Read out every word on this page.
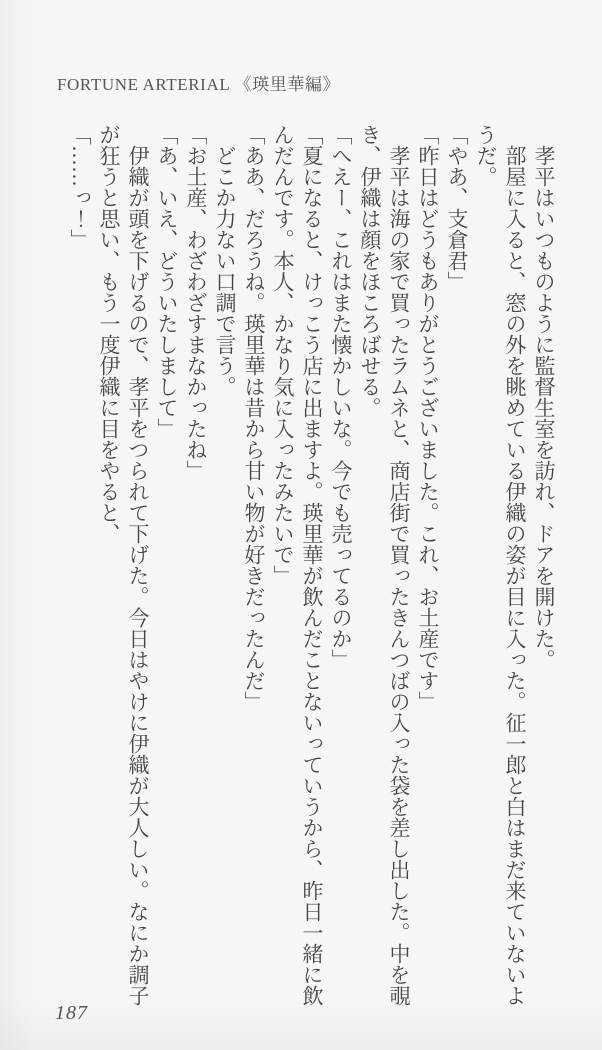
FORTUNE ARTERIAL 《瑛里華編》

　孝平はいつものように監督生室を訪れ、ドアを開けた。

　部屋に入ると、窓の外を眺めている伊織の姿が目に入った。征一郎と白はまだ来ていないようだ。

「やあ、支倉君」

「昨日はどうもありがとうございました。これ、お土産です」

　孝平は海の家で買ったラムネと、商店街で買ったきんつばの入った袋を差し出した。中を覗き、伊織は顔をほころばせる。

「へえー、これはまた懐かしいな。今でも売ってるのか」

「夏になると、けっこう店に出ますよ。瑛里華が飲んだことないっていうから、昨日一緒に飲んだんです。本人、かなり気に入ったみたいで」

「ああ、だろうね。瑛里華は昔から甘い物が好きだったんだ」

　どこか力ない口調で言う。

「お土産、わざわざすまなかったね」

「あ、いえ、どういたしまして」

　伊織が頭を下げるので、孝平をつられて下げた。今日はやけに伊織が大人しい。なにか調子が狂うと思い、もう一度伊織に目をやると、

「……っ！」

187
